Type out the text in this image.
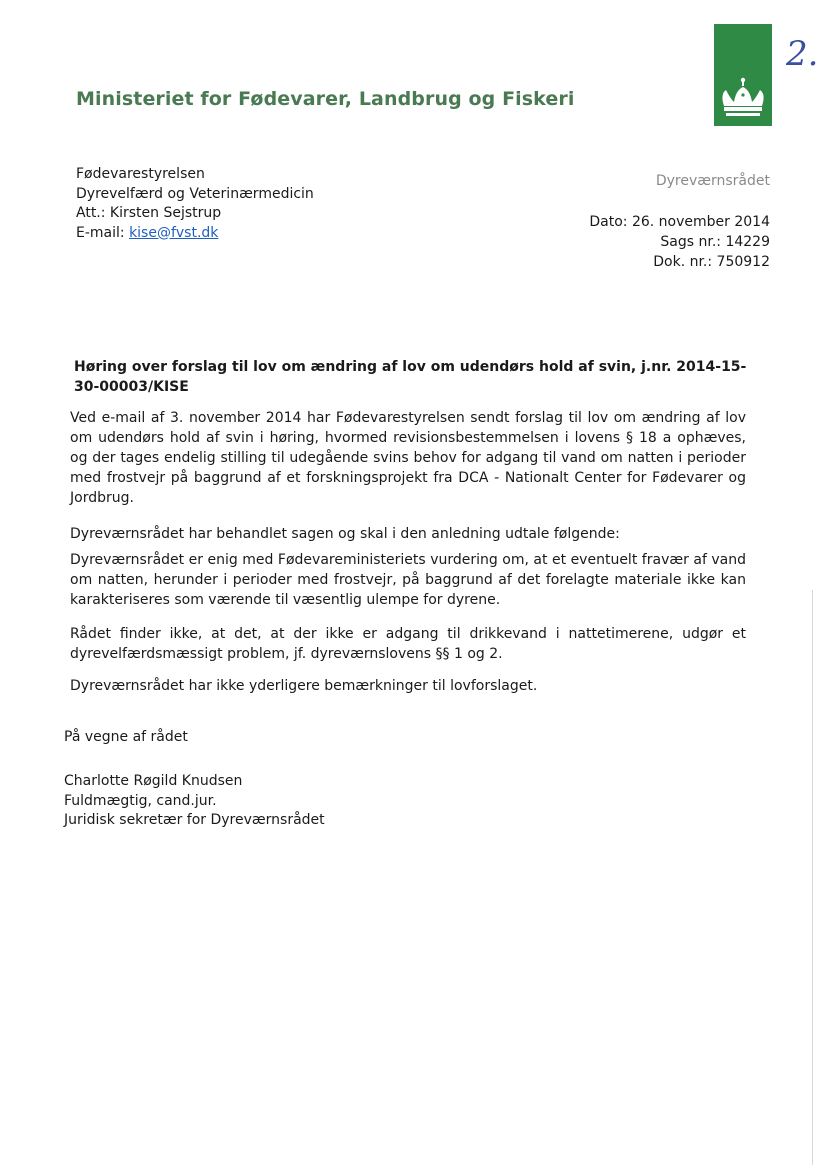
Ministeriet for Fødevarer, Landbrug og Fiskeri
2.
Fødevarestyrelsen
Dyrevelfærd og Veterinærmedicin
Att.: Kirsten Sejstrup
E-mail: kise@fvst.dk
Dyreværnsrådet
Dato: 26. november 2014
Sags nr.: 14229
Dok. nr.: 750912
Høring over forslag til lov om ændring af lov om udendørs hold af svin, j.nr. 2014-15-30-00003/KISE
Ved e-mail af 3. november 2014 har Fødevarestyrelsen sendt forslag til lov om ændring af lov om udendørs hold af svin i høring, hvormed revisionsbestemmelsen i lovens § 18 a ophæves, og der tages endelig stilling til udegående svins behov for adgang til vand om natten i perioder med frostvejr på baggrund af et forskningsprojekt fra DCA - Nationalt Center for Fødevarer og Jordbrug.
Dyreværnsrådet har behandlet sagen og skal i den anledning udtale følgende:
Dyreværnsrådet er enig med Fødevareministeriets vurdering om, at et eventuelt fravær af vand om natten, herunder i perioder med frostvejr, på baggrund af det forelagte materiale ikke kan karakteriseres som værende til væsentlig ulempe for dyrene.
Rådet finder ikke, at det, at der ikke er adgang til drikkevand i nattetimerene, udgør et dyrevelfærdsmæssigt problem, jf. dyreværnslovens §§ 1 og 2.
Dyreværnsrådet har ikke yderligere bemærkninger til lovforslaget.
På vegne af rådet
Charlotte Røgild Knudsen
Fuldmægtig, cand.jur.
Juridisk sekretær for Dyreværnsrådet
